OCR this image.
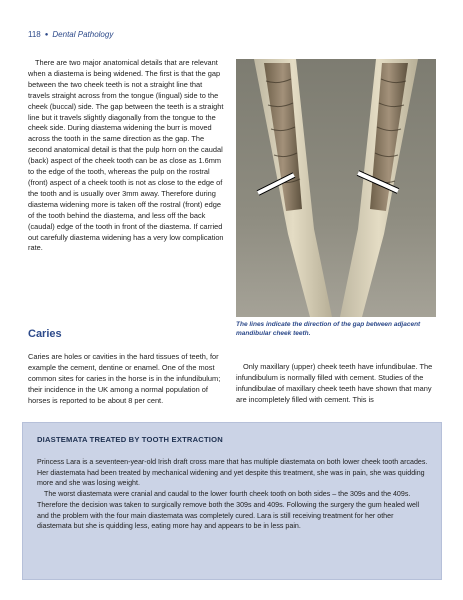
118 ● Dental Pathology

There are two major anatomical details that are relevant when a diastema is being widened. The first is that the gap between the two cheek teeth is not a straight line that travels straight across from the tongue (lingual) side to the cheek (buccal) side. The gap between the teeth is a straight line but it travels slightly diagonally from the tongue to the cheek side. During diastema widening the burr is moved across the tooth in the same direction as the gap. The second anatomical detail is that the pulp horn on the caudal (back) aspect of the cheek tooth can be as close as 1.6mm to the edge of the tooth, whereas the pulp on the rostral (front) aspect of a cheek tooth is not as close to the edge of the tooth and is usually over 3mm away. Therefore during diastema widening more is taken off the rostral (front) edge of the tooth behind the diastema, and less off the back (caudal) edge of the tooth in front of the diastema. If carried out carefully diastema widening has a very low complication rate.

The lines indicate the direction of the gap between adjacent mandibular cheek teeth.
Caries

Caries are holes or cavities in the hard tissues of teeth, for example the cement, dentine or enamel. One of the most common sites for caries in the horse is in the infundibulum; their incidence in the UK among a normal population of horses is reported to be about 8 per cent.

Only maxillary (upper) cheek teeth have infundibulae. The infundibulum is normally filled with cement. Studies of the infundibulae of maxillary cheek teeth have shown that many are incompletely filled with cement. This is

DIASTEMATA TREATED BY TOOTH EXTRACTION

Princess Lara is a seventeen-year-old Irish draft cross mare that has multiple diastemata on both lower cheek tooth arcades. Her diastemata had been treated by mechanical widening and yet despite this treatment, she was in pain, she was quidding more and she was losing weight.

The worst diastemata were cranial and caudal to the lower fourth cheek tooth on both sides – the 309s and the 409s. Therefore the decision was taken to surgically remove both the 309s and 409s. Following the surgery the gum healed well and the problem with the four main diastemata was completely cured. Lara is still receiving treatment for her other diastemata but she is quidding less, eating more hay and appears to be in less pain.
